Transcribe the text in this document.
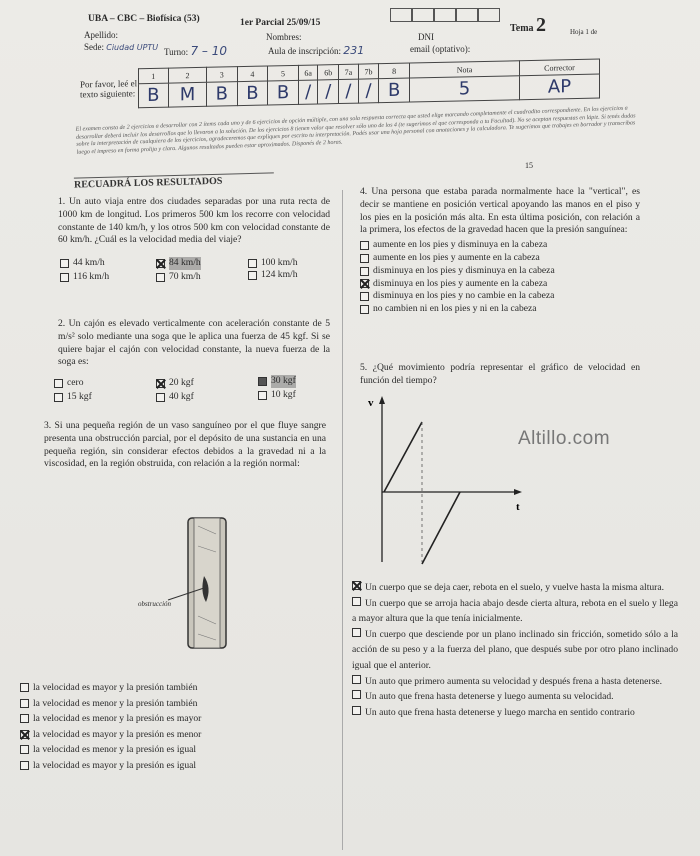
UBA – CBC – Biofísica (53)	1er Parcial 25/09/15	Tema 2	Hoja 1 de
Apellido:	Nombres:	DNI
Sede: Ciudad UPTU Turno: 7 – 10	Aula de inscripción: 231	email (optativo):
Por favor, leé el texto siguiente:	1	2	3	4	5	6a	6b	7a	7b	8	Nota	Corrector
	B	M	B	B	B	/	/	/	/	B	5	AP
El examen consta de 2 ejercicios a desarrollar con 2 ítems cada uno y de 6 ejercicios de opción múltiple, con una sola respuesta correcta que usted elige marcando completamente el cuadradito correspondiente. En los ejercicios a desarrollar deberá incluir los desarrollos que lo llevaron a la solución. De los ejercicios 8 tienen valor que resolver sólo uno de los 4 (te sugerimos el que corresponda a tu Facultad). No se aceptan respuestas en lápiz. Si tenés dudas sobre la interpretación de cualquiera de los ejercicios, agradeceremos que expliques por escrito tu interpretación. Podés usar una hoja personal con anotaciones y la calculadora. Te sugerimos que trabajes en borrador y transcribas luego el impreso en forma prolija y clara. Algunos resultados pueden estar aproximados. Disponés de 2 horas.
15
RECUADRÁ LOS RESULTADOS

1. Un auto viaja entre dos ciudades separadas por una ruta recta de 1000 km de longitud. Los primeros 500 km los recorre con velocidad constante de 140 km/h, y los otros 500 km con velocidad constante de 60 km/h. ¿Cuál es la velocidad media del viaje?

44 km/h	84 km/h	100 km/h
116 km/h	70 km/h	124 km/h

2. Un cajón es elevado verticalmente con aceleración constante de 5 m/s² solo mediante una soga que le aplica una fuerza de 45 kgf. Si se quiere bajar el cajón con velocidad constante, la nueva fuerza de la soga es:

cero	20 kgf	30 kgf
15 kgf	40 kgf	10 kgf

3. Si una pequeña región de un vaso sanguíneo por el que fluye sangre presenta una obstrucción parcial, por el depósito de una sustancia en una pequeña región, sin considerar efectos debidos a la gravedad ni a la viscosidad, en la región obstruida, con relación a la región normal:

obstrucción
la velocidad es mayor y la presión también
la velocidad es menor y la presión también
la velocidad es menor y la presión es mayor
la velocidad es mayor y la presión es menor
la velocidad es menor y la presión es igual
la velocidad es mayor y la presión es igual

4. Una persona que estaba parada normalmente hace la "vertical", es decir se mantiene en posición vertical apoyando las manos en el piso y los pies en la posición más alta. En esta última posición, con relación a la primera, los efectos de la gravedad hacen que la presión sanguínea:

aumente en los pies y disminuya en la cabeza
aumente en los pies y aumente en la cabeza
disminuya en los pies y disminuya en la cabeza
disminuya en los pies y aumente en la cabeza
disminuya en los pies y no cambie en la cabeza
no cambien ni en los pies y ni en la cabeza

5. ¿Qué movimiento podría representar el gráfico de velocidad en función del tiempo?

v
t
Altillo.com
Un cuerpo que se deja caer, rebota en el suelo, y vuelve hasta la misma altura.
Un cuerpo que se arroja hacia abajo desde cierta altura, rebota en el suelo y llega a mayor altura que la que tenía inicialmente.
Un cuerpo que desciende por un plano inclinado sin fricción, sometido sólo a la acción de su peso y a la fuerza del plano, que después sube por otro plano inclinado igual que el anterior.
Un auto que primero aumenta su velocidad y después frena a hasta detenerse.
Un auto que frena hasta detenerse y luego aumenta su velocidad.
Un auto que frena hasta detenerse y luego marcha en sentido contrario
